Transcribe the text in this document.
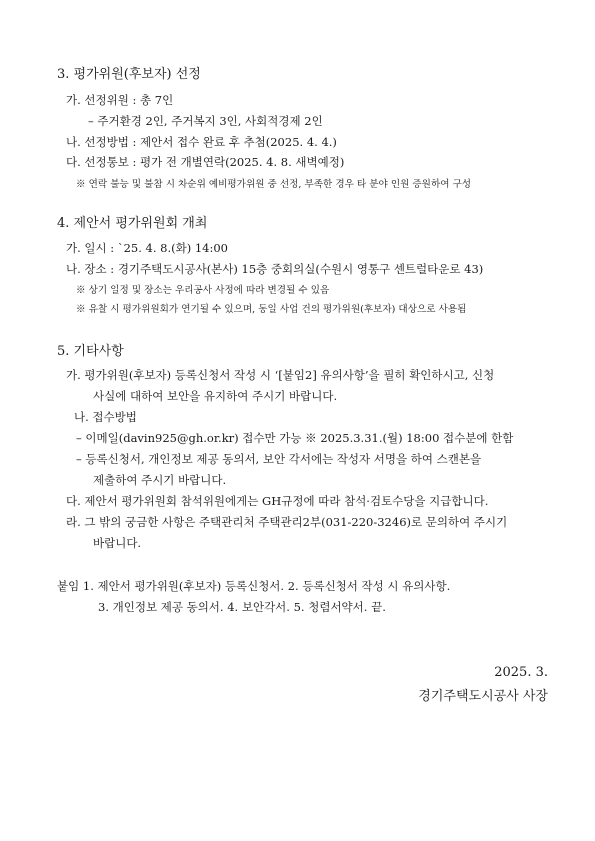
3. 평가위원(후보자) 선정
가. 선정위원 : 총 7인
– 주거환경 2인, 주거복지 3인, 사회적경제 2인
나. 선정방법 : 제안서 접수 완료 후 추첨(2025. 4. 4.)
다. 선정통보 : 평가 전 개별연락(2025. 4. 8. 새벽예정)
※ 연락 불능 및 불참 시 차순위 예비평가위원 중 선정, 부족한 경우 타 분야 인원 증원하여 구성
4. 제안서 평가위원회 개최
가. 일시 : `25. 4. 8.(화) 14:00
나. 장소 : 경기주택도시공사(본사) 15층 중회의실(수원시 영통구 센트럴타운로 43)
※ 상기 일정 및 장소는 우리공사 사정에 따라 변경될 수 있음
※ 유찰 시 평가위원회가 연기될 수 있으며, 동일 사업 건의 평가위원(후보자) 대상으로 사용됨
5. 기타사항
가. 평가위원(후보자) 등록신청서 작성 시 ‘[붙임2] 유의사항’을 필히 확인하시고, 신청
사실에 대하여 보안을 유지하여 주시기 바랍니다.
나. 접수방법
– 이메일(davin925@gh.or.kr) 접수만 가능 ※ 2025.3.31.(월) 18:00 접수분에 한함
– 등록신청서, 개인정보 제공 동의서, 보안 각서에는 작성자 서명을 하여 스캔본을
제출하여 주시기 바랍니다.
다. 제안서 평가위원회 참석위원에게는 GH규정에 따라 참석·검토수당을 지급합니다.
라. 그 밖의 궁금한 사항은 주택관리처 주택관리2부(031-220-3246)로 문의하여 주시기
바랍니다.
붙임 1. 제안서 평가위원(후보자) 등록신청서. 2. 등록신청서 작성 시 유의사항.
3. 개인정보 제공 동의서. 4. 보안각서. 5. 청렴서약서. 끝.
2025. 3.
경기주택도시공사 사장
